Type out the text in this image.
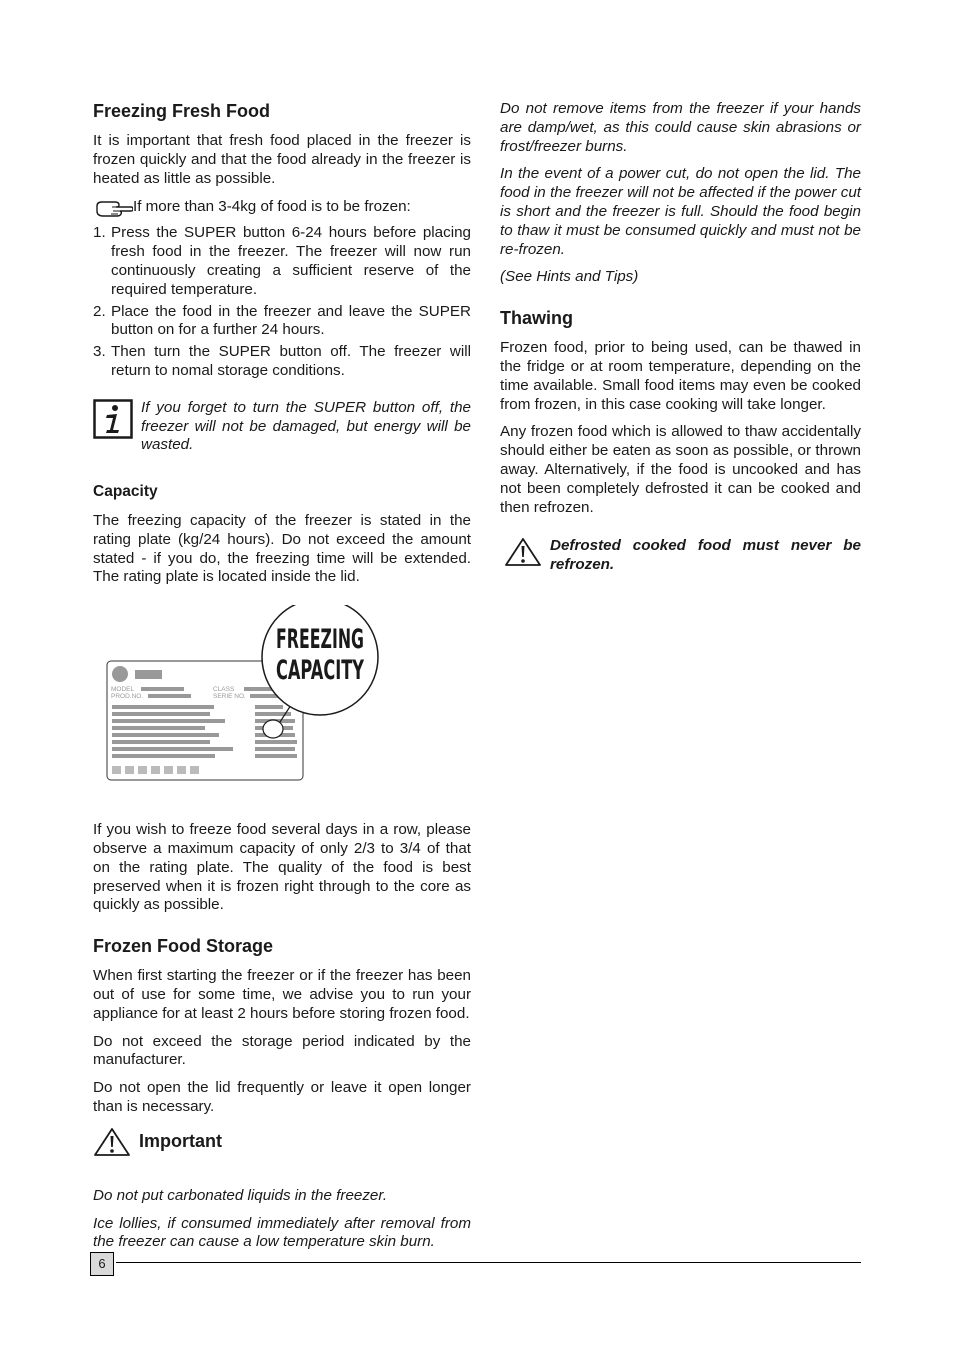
Freezing Fresh Food

It is important that fresh food placed in the freezer is frozen quickly and that the food already in the freezer is heated as little as possible.

If more than 3-4kg of food is to be frozen:
1. Press the SUPER button 6-24 hours before placing fresh food in the freezer. The freezer will now run continuously creating a sufficient reserve of the required temperature.
2. Place the food in the freezer and leave the SUPER button on for a further 24 hours.
3. Then turn the SUPER button off. The freezer will return to nomal storage conditions.

If you forget to turn the SUPER button off, the freezer will not be damaged, but energy will be wasted.

Capacity

The freezing capacity of the freezer is stated in the rating plate (kg/24 hours). Do not exceed the amount stated - if you do, the freezing time will be extended. The rating plate is located inside the lid.

MODEL
PROD.NO.
CLASS
SERIE NO.
FREEZING
CAPACITY

If you wish to freeze food several days in a row, please observe a maximum capacity of only 2/3 to 3/4 of that on the rating plate. The quality of the food is best preserved when it is frozen right through to the core as quickly as possible.

Frozen Food Storage

When first starting the freezer or if the freezer has been out of use for some time, we advise you to run your appliance for at least 2 hours before storing frozen food.

Do not exceed the storage period indicated by the manufacturer.

Do not open the lid frequently or leave it open longer than is necessary.

Important

Do not put carbonated liquids in the freezer.

Ice lollies, if consumed immediately after removal from the freezer can cause a low temperature skin burn.

Do not remove items from the freezer if your hands are damp/wet, as this could cause skin abrasions or frost/freezer burns.

In the event of a power cut, do not open the lid. The food in the freezer will not be affected if the power cut is short and the freezer is full. Should the food begin to thaw it must be consumed quickly and must not be re-frozen.

(See Hints and Tips)

Thawing

Frozen food, prior to being used, can be thawed in the fridge or at room temperature, depending on the time available. Small food items may even be cooked from frozen, in this case cooking will take longer.

Any frozen food which is allowed to thaw accidentally should either be eaten as soon as possible, or thrown away. Alternatively, if the food is uncooked and has not been completely defrosted it can be cooked and then refrozen.

Defrosted cooked food must never be refrozen.

6
